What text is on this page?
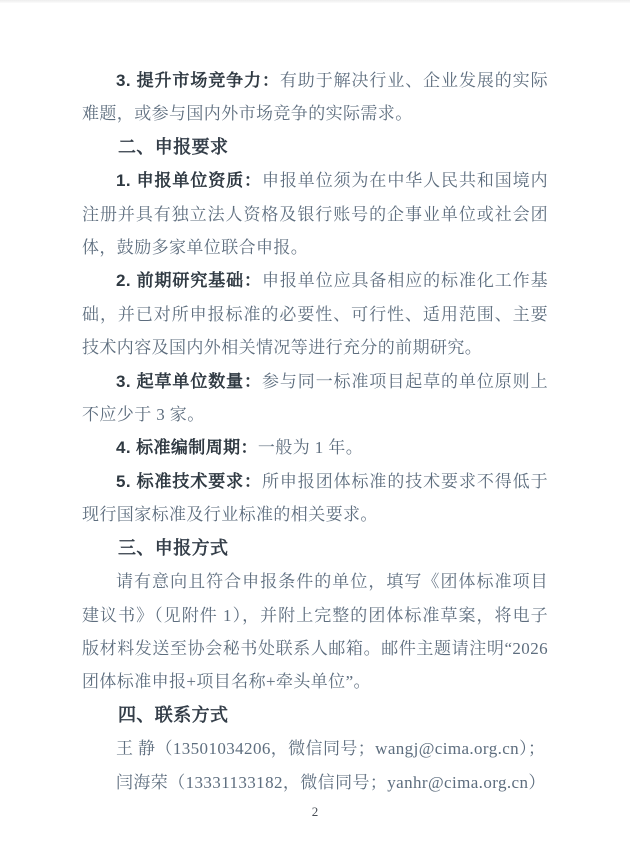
3. 提升市场竞争力：有助于解决行业、企业发展的实际难题，或参与国内外市场竞争的实际需求。

二、申报要求

1. 申报单位资质：申报单位须为在中华人民共和国境内注册并具有独立法人资格及银行账号的企事业单位或社会团体，鼓励多家单位联合申报。

2. 前期研究基础：申报单位应具备相应的标准化工作基础，并已对所申报标准的必要性、可行性、适用范围、主要技术内容及国内外相关情况等进行充分的前期研究。

3. 起草单位数量：参与同一标准项目起草的单位原则上不应少于 3 家。

4. 标准编制周期：一般为 1 年。

5. 标准技术要求：所申报团体标准的技术要求不得低于现行国家标准及行业标准的相关要求。

三、申报方式

请有意向且符合申报条件的单位，填写《团体标准项目建议书》（见附件 1），并附上完整的团体标准草案，将电子版材料发送至协会秘书处联系人邮箱。邮件主题请注明“2026 团体标准申报+项目名称+牵头单位”。

四、联系方式

王 静（13501034206，微信同号；wangj@cima.org.cn）；

闫海荣（13331133182，微信同号；yanhr@cima.org.cn）

2
